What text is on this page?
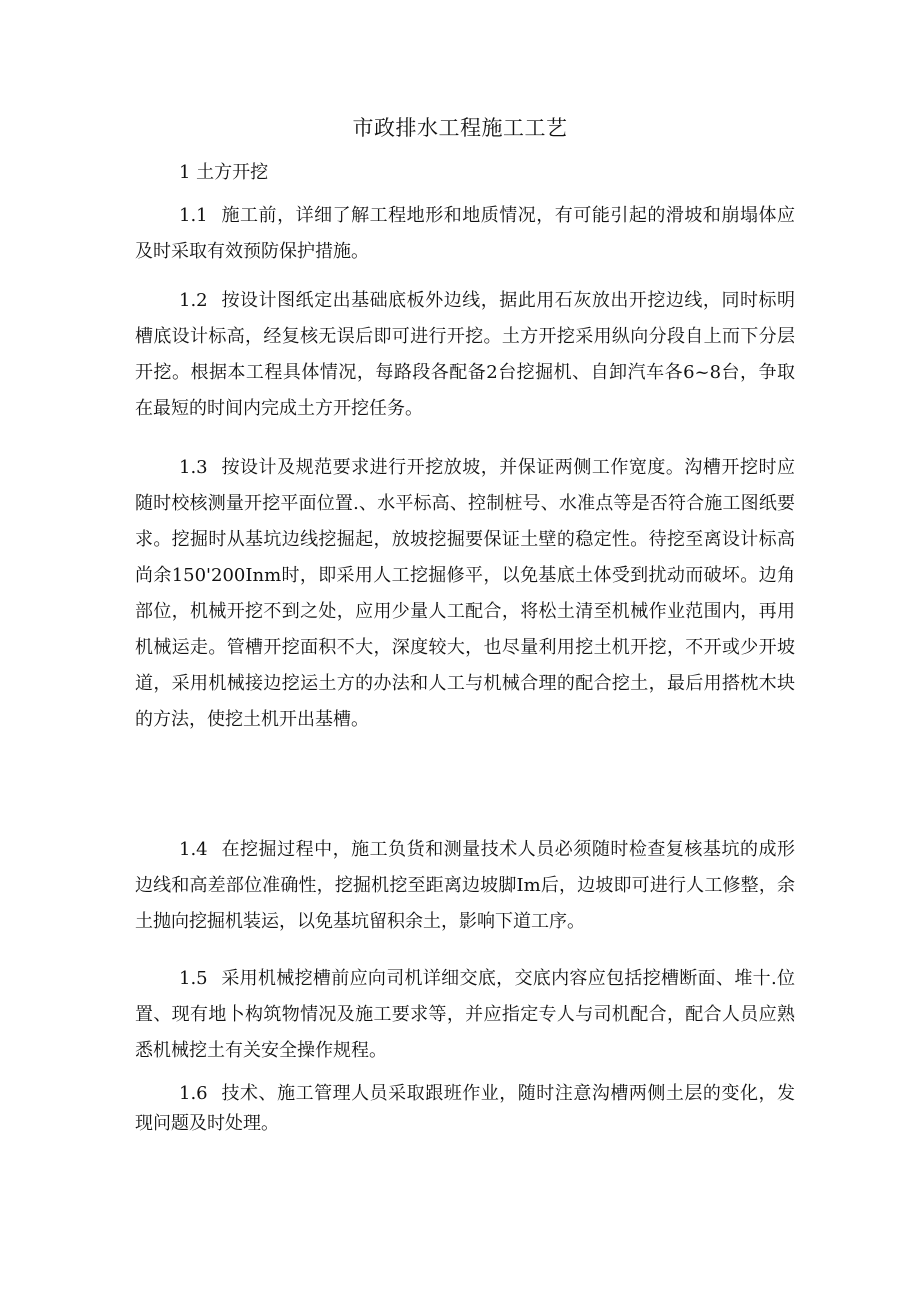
市政排水工程施工工艺
1 土方开挖
1.1 施工前，详细了解工程地形和地质情况，有可能引起的滑坡和崩塌体应及时采取有效预防保护措施。
1.2 按设计图纸定出基础底板外边线，据此用石灰放出开挖边线，同时标明槽底设计标高，经复核无误后即可进行开挖。土方开挖采用纵向分段自上而下分层开挖。根据本工程具体情况，每路段各配备2台挖掘机、自卸汽车各6~8台，争取在最短的时间内完成土方开挖任务。
1.3 按设计及规范要求进行开挖放坡，并保证两侧工作宽度。沟槽开挖时应随时校核测量开挖平面位置.、水平标高、控制桩号、水准点等是否符合施工图纸要求。挖掘时从基坑边线挖掘起，放坡挖掘要保证土壁的稳定性。待挖至离设计标高尚余150'200Inm时，即采用人工挖掘修平，以免基底土体受到扰动而破坏。边角部位，机械开挖不到之处，应用少量人工配合，将松土清至机械作业范围内，再用机械运走。管槽开挖面积不大，深度较大，也尽量利用挖土机开挖，不开或少开坡道，采用机械接边挖运土方的办法和人工与机械合理的配合挖土，最后用搭枕木块的方法，使挖土机开出基槽。
1.4 在挖掘过程中，施工负货和测量技术人员必须随时检查复核基坑的成形边线和高差部位准确性，挖掘机挖至距离边坡脚Im后，边坡即可进行人工修整，余土抛向挖掘机装运，以免基坑留积余土，影响下道工序。
1.5 采用机械挖槽前应向司机详细交底，交底内容应包括挖槽断面、堆十.位置、现有地卜构筑物情况及施工要求等，并应指定专人与司机配合，配合人员应熟悉机械挖土有关安全操作规程。
1.6 技术、施工管理人员采取跟班作业，随时注意沟槽两侧土层的变化，发现问题及时处理。
